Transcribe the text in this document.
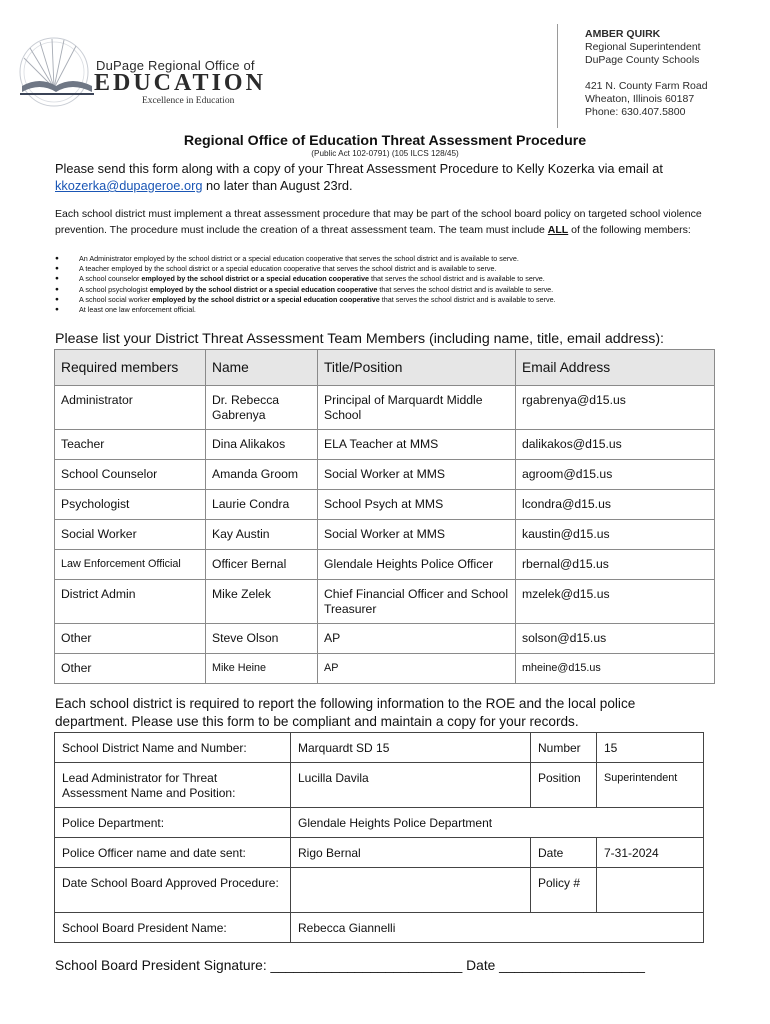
DuPage Regional Office of
EDUCATION
Excellence in Education
AMBER QUIRK
Regional Superintendent
DuPage County Schools
421 N. County Farm Road
Wheaton, Illinois 60187
Phone: 630.407.5800
Regional Office of Education Threat Assessment Procedure
(Public Act 102-0791) (105 ILCS 128/45)
Please send this form along with a copy of your Threat Assessment Procedure to Kelly Kozerka via email at kkozerka@dupageroe.org no later than August 23rd.
Each school district must implement a threat assessment procedure that may be part of the school board policy on targeted school violence prevention. The procedure must include the creation of a threat assessment team. The team must include ALL of the following members:
● An Administrator employed by the school district or a special education cooperative that serves the school district and is available to serve.
● A teacher employed by the school district or a special education cooperative that serves the school district and is available to serve.
● A school counselor employed by the school district or a special education cooperative that serves the school district and is available to serve.
● A school psychologist employed by the school district or a special education cooperative that serves the school district and is available to serve.
● A school social worker employed by the school district or a special education cooperative that serves the school district and is available to serve.
● At least one law enforcement official.
Please list your District Threat Assessment Team Members (including name, title, email address):
Required members	Name	Title/Position	Email Address
Administrator	Dr. Rebecca Gabrenya	Principal of Marquardt Middle School	rgabrenya@d15.us
Teacher	Dina Alikakos	ELA Teacher at MMS	dalikakos@d15.us
School Counselor	Amanda Groom	Social Worker at MMS	agroom@d15.us
Psychologist	Laurie Condra	School Psych at MMS	lcondra@d15.us
Social Worker	Kay Austin	Social Worker at MMS	kaustin@d15.us
Law Enforcement Official	Officer Bernal	Glendale Heights Police Officer	rbernal@d15.us
District Admin	Mike Zelek	Chief Financial Officer and School Treasurer	mzelek@d15.us
Other	Steve Olson	AP	solson@d15.us
Other	Mike Heine	AP	mheine@d15.us
Each school district is required to report the following information to the ROE and the local police department. Please use this form to be compliant and maintain a copy for your records.
School District Name and Number:	Marquardt SD 15	Number	15
Lead Administrator for Threat Assessment Name and Position:	Lucilla Davila	Position	Superintendent
Police Department:	Glendale Heights Police Department		
Police Officer name and date sent:	Rigo Bernal	Date	7-31-2024
Date School Board Approved Procedure:		Policy #	
School Board President Name:	Rebecca Giannelli		
School Board President Signature: _________________________ Date ___________________
